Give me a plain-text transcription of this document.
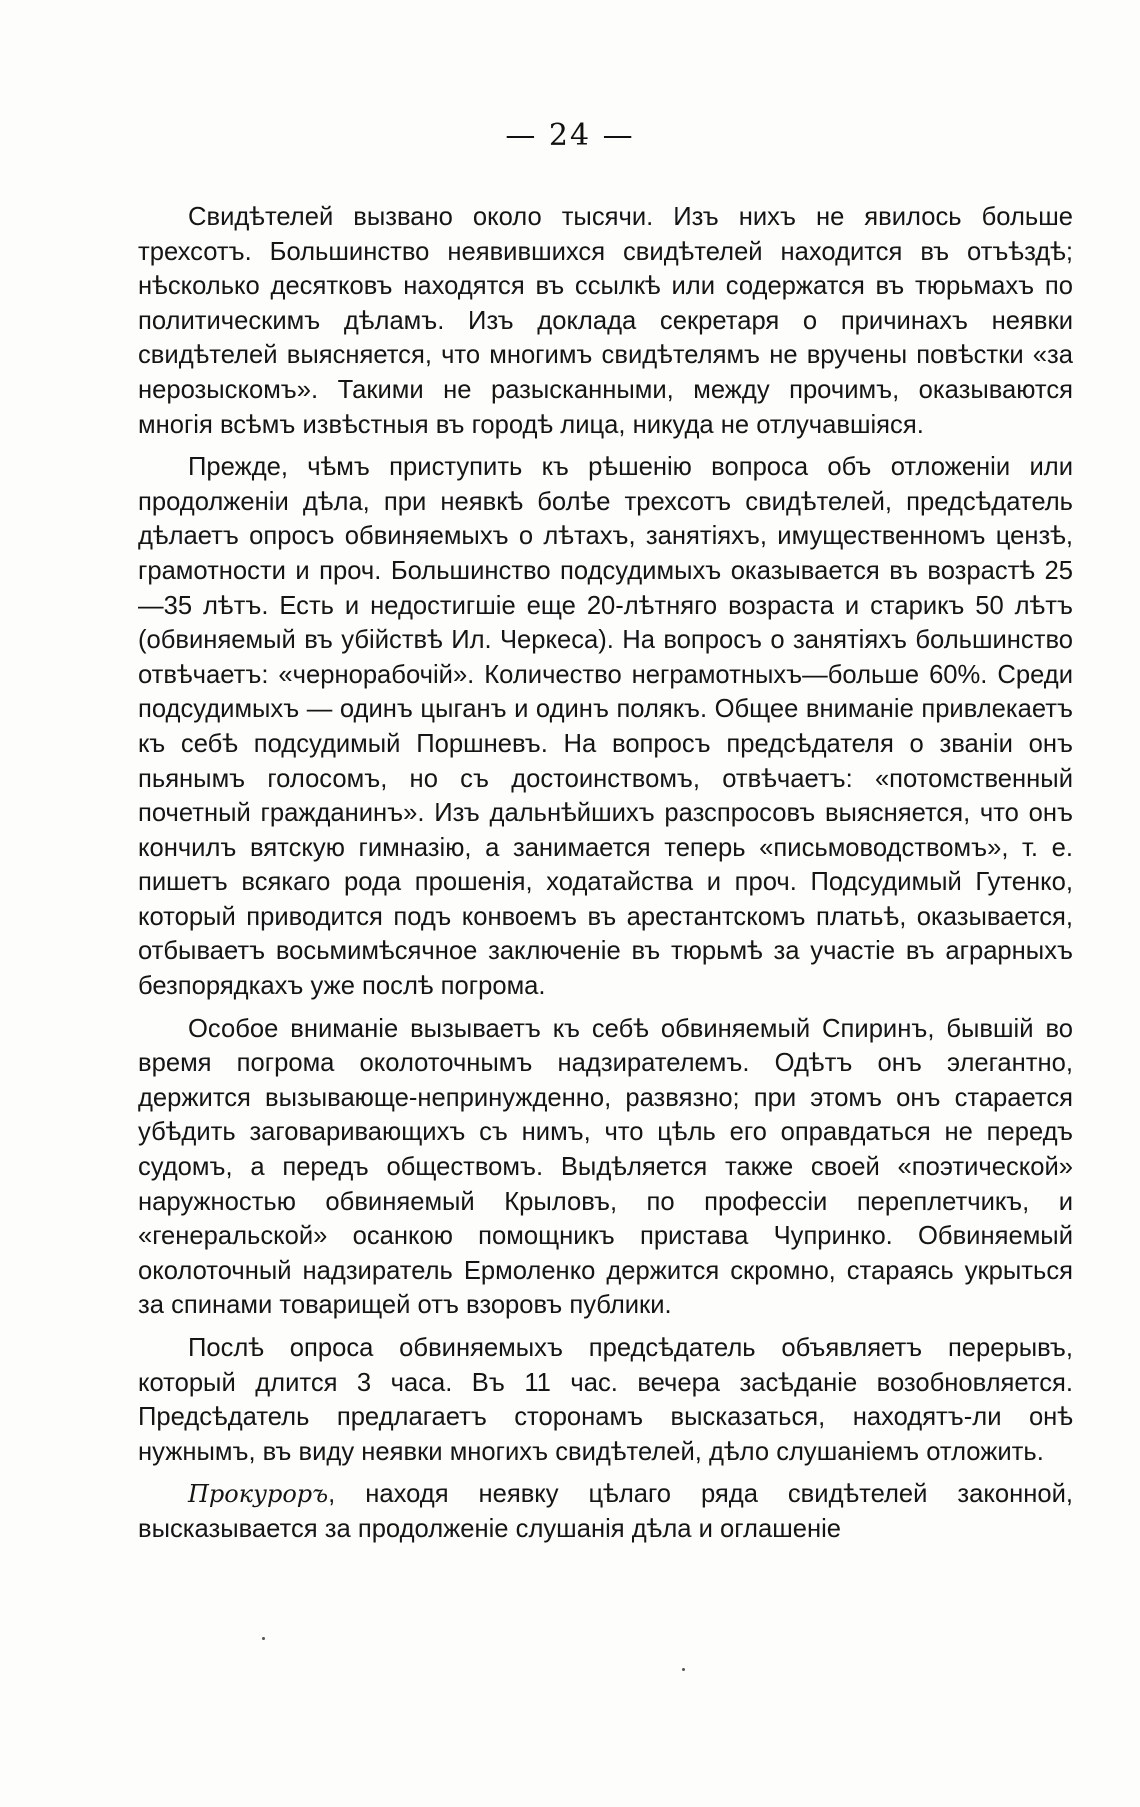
— 24 —

Свидѣтелей вызвано около тысячи. Изъ нихъ не явилось больше трехсотъ. Большинство неявившихся свидѣтелей находится въ отъѣздѣ; нѣсколько десятковъ находятся въ ссылкѣ или содержатся въ тюрьмахъ по политическимъ дѣламъ. Изъ доклада секретаря о причинахъ неявки свидѣтелей выясняется, что многимъ свидѣтелямъ не вручены повѣстки «за нерозыскомъ». Такими не разысканными, между прочимъ, оказываются многія всѣмъ извѣстныя въ городѣ лица, никуда не отлучавшіяся.

Прежде, чѣмъ приступить къ рѣшенію вопроса объ отложеніи или продолженіи дѣла, при неявкѣ болѣе трехсотъ свидѣтелей, предсѣдатель дѣлаетъ опросъ обвиняемыхъ о лѣтахъ, занятіяхъ, имущественномъ цензѣ, грамотности и проч. Большинство подсудимыхъ оказывается въ возрастѣ 25—35 лѣтъ. Есть и недостигшіе еще 20-лѣтняго возраста и старикъ 50 лѣтъ (обвиняемый въ убійствѣ Ил. Черкеса). На вопросъ о занятіяхъ большинство отвѣчаетъ: «чернорабочій». Количество неграмотныхъ—больше 60%. Среди подсудимыхъ — одинъ цыганъ и одинъ полякъ. Общее вниманіе привлекаетъ къ себѣ подсудимый Поршневъ. На вопросъ предсѣдателя о званіи онъ пьянымъ голосомъ, но съ достоинствомъ, отвѣчаетъ: «потомственный почетный гражданинъ». Изъ дальнѣйшихъ разспросовъ выясняется, что онъ кончилъ вятскую гимназію, а занимается теперь «письмоводствомъ», т. е. пишетъ всякаго рода прошенія, ходатайства и проч. Подсудимый Гутенко, который приводится подъ конвоемъ въ арестантскомъ платьѣ, оказывается, отбываетъ восьмимѣсячное заключеніе въ тюрьмѣ за участіе въ аграрныхъ безпорядкахъ уже послѣ погрома.

Особое вниманіе вызываетъ къ себѣ обвиняемый Спиринъ, бывшій во время погрома околоточнымъ надзирателемъ. Одѣтъ онъ элегантно, держится вызывающе-непринужденно, развязно; при этомъ онъ старается убѣдить заговаривающихъ съ нимъ, что цѣль его оправдаться не передъ судомъ, а передъ обществомъ. Выдѣляется также своей «поэтической» наружностью обвиняемый Крыловъ, по профессіи переплетчикъ, и «генеральской» осанкою помощникъ пристава Чупринко. Обвиняемый околоточный надзиратель Ермоленко держится скромно, стараясь укрыться за спинами товарищей отъ взоровъ публики.

Послѣ опроса обвиняемыхъ предсѣдатель объявляетъ перерывъ, который длится 3 часа. Въ 11 час. вечера засѣданіе возобновляется. Предсѣдатель предлагаетъ сторонамъ высказаться, находятъ-ли онѣ нужнымъ, въ виду неявки многихъ свидѣтелей, дѣло слушаніемъ отложить.

Прокуроръ, находя неявку цѣлаго ряда свидѣтелей законной, высказывается за продолженіе слушанія дѣла и оглашеніе
